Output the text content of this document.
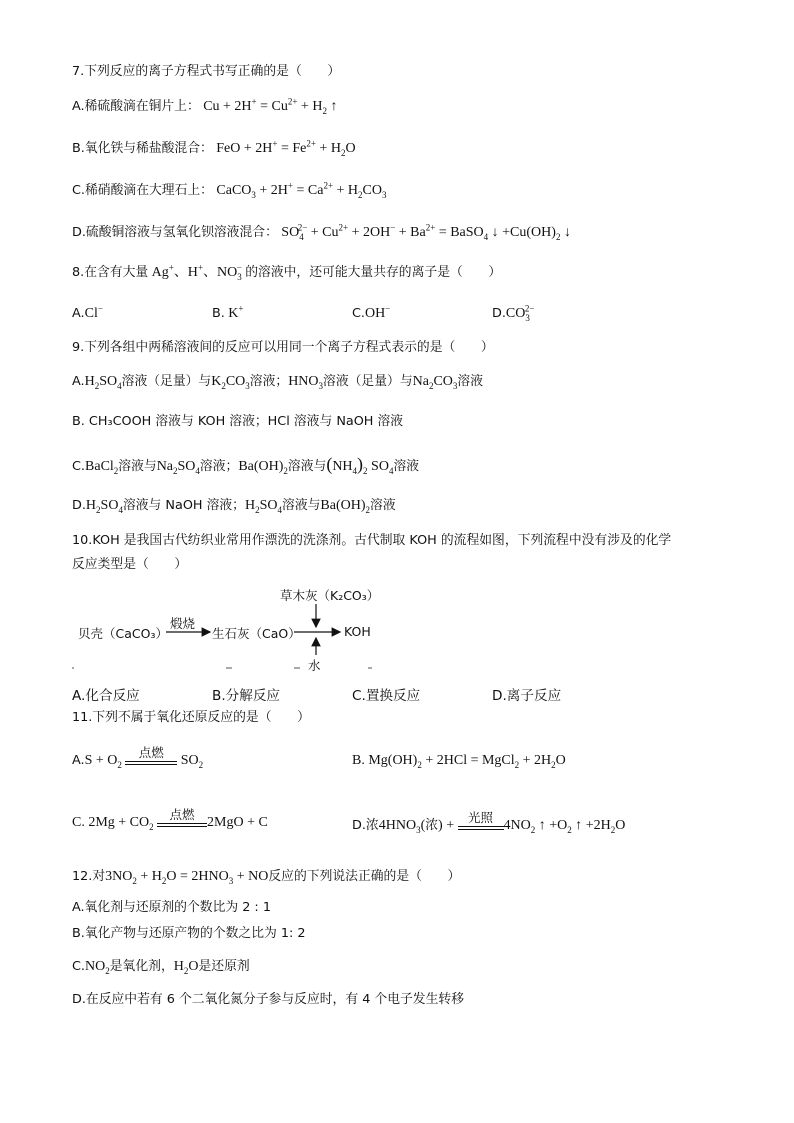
7.下列反应的离子方程式书写正确的是（　　）
A.稀硫酸滴在铜片上： $Cu + 2H^+ = Cu^{2+} + H_2$ ↑
B.氧化铁与稀盐酸混合： FeO + $2H^+ = Fe^{2+} + H_2O$
C.稀硝酸滴在大理石上： CaCO$_3$ + $2H^+ = Ca^{2+} + H_2CO_3$
D.硫酸铜溶液与氢氧化钡溶液混合： $SO_4^{2-} + Cu^{2+} + 2OH^- + Ba^{2+}$ = BaSO$_4$ ↓ $+Cu(OH)_2$ ↓
8.在含有大量 Ag+、H+、$NO_3^-$ 的溶液中，还可能大量共存的离子是（　　）
A.Cl−	B. K+	C.OH−	$D.CO_3^{2-}$
9.下列各组中两稀溶液间的反应可以用同一个离子方程式表示的是（　　）
$A.H_2SO_4$溶液（足量）与$K_2CO_3$溶液；$HNO_3$溶液（足量）与$Na_2CO_3$溶液
B. CH₃COOH 溶液与 KOH 溶液；HCl 溶液与 NaOH 溶液
C.BaCl$_2$溶液与$Na_2SO_4$溶液；$Ba(OH)_2$溶液与$(NH_4)_2$ $SO_4$溶液
$D.H_2SO_4$溶液与 NaOH 溶液；$H_2SO_4$溶液与$Ba(OH)_2$溶液
10.KOH 是我国古代纺织业常用作漂洗的洗涤剂。古代制取 KOH 的流程如图，下列流程中没有涉及的化学
反应类型是（　　）
贝壳（CaCO₃）
煅烧
生石灰（CaO）
草木灰（K₂CO₃）
水
KOH
A.化合反应	B.分解反应	C.置换反应	D.离子反应
11.下列不属于氧化还原反应的是（　　）
$A.S + O_2$
点燃
$SO_2$	B. $Mg(OH)_2 + 2HCl$ = MgCl$_2$ + $2H_2O$
C. $2Mg + CO_2$
点燃
2MgO + C	D.浓$4HNO_3$(浓) +
光照
$4NO_2$ ↑ $+O_2$ ↑ $+2H_2O$
12.对$3NO_2 + H_2O = 2HNO_3$ + NO反应的下列说法正确的是（　　）
A.氧化剂与还原剂的个数比为 2 : 1
B.氧化产物与还原产物的个数之比为 1: 2
$C.NO_2$是氧化剂，$H_2O$是还原剂
D.在反应中若有 6 个二氧化氮分子参与反应时，有 4 个电子发生转移
